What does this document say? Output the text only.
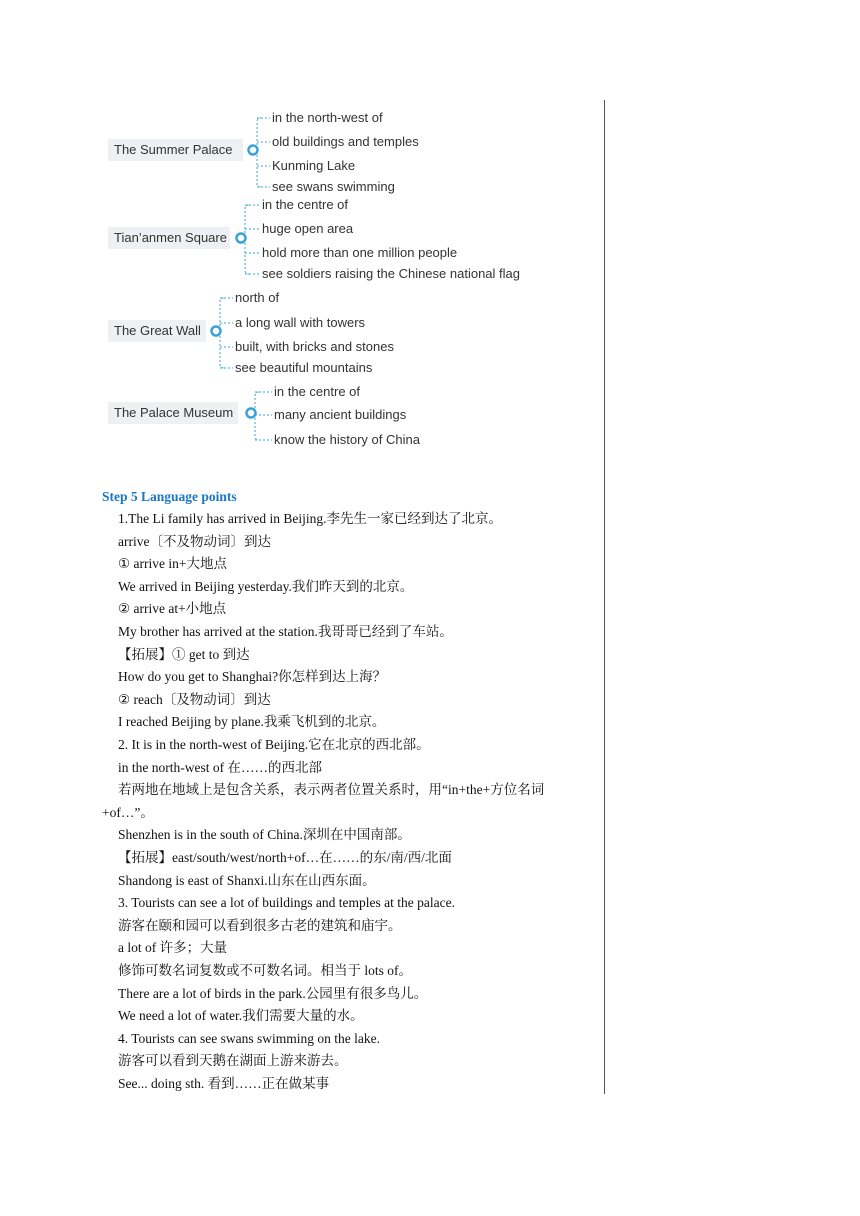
The Summer Palace
in the north-west of
old buildings and temples
Kunming Lake
see swans swimming
Tian’anmen Square
in the centre of
huge open area
hold more than one million people
see soldiers raising the Chinese national flag
The Great Wall
north of
a long wall with towers
built, with bricks and stones
see beautiful mountains
The Palace Museum
in the centre of
many ancient buildings
know the history of China
Step 5 Language points
1.The Li family has arrived in Beijing.李先生一家已经到达了北京。
arrive〔不及物动词〕到达
① arrive in+大地点
We arrived in Beijing yesterday.我们昨天到的北京。
② arrive at+小地点
My brother has arrived at the station.我哥哥已经到了车站。
【拓展】① get to 到达
How do you get to Shanghai?你怎样到达上海？
② reach〔及物动词〕到达
I reached Beijing by plane.我乘飞机到的北京。
2. It is in the north-west of Beijing.它在北京的西北部。
in the north-west of 在……的西北部
若两地在地域上是包含关系，表示两者位置关系时，用“in+the+方位名词
+of…”。
Shenzhen is in the south of China.深圳在中国南部。
【拓展】east/south/west/north+of…在……的东/南/西/北面
Shandong is east of Shanxi.山东在山西东面。
3. Tourists can see a lot of buildings and temples at the palace.
游客在颐和园可以看到很多古老的建筑和庙宇。
a lot of 许多；大量
修饰可数名词复数或不可数名词。相当于 lots of。
There are a lot of birds in the park.公园里有很多鸟儿。
We need a lot of water.我们需要大量的水。
4. Tourists can see swans swimming on the lake.
游客可以看到天鹅在湖面上游来游去。
See... doing sth. 看到……正在做某事
